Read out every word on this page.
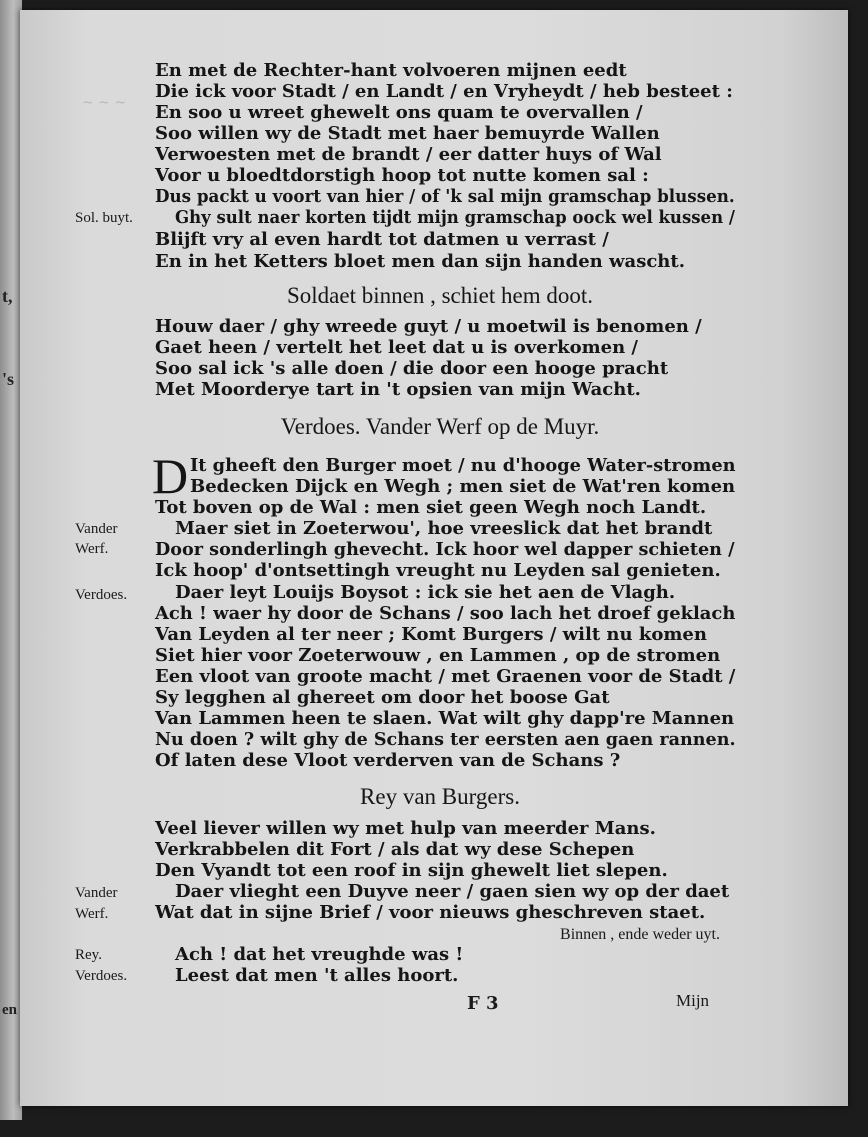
t,
's
en
~ ~ ~
En met de Rechter-hant volvoeren mijnen eedt
Die ick voor Stadt / en Landt / en Vryheydt / heb besteet :
En soo u wreet ghewelt ons quam te overvallen /
Soo willen wy de Stadt met haer bemuyrde Wallen
Verwoesten met de brandt / eer datter huys of Wal
Voor u bloedtdorstigh hoop tot nutte komen sal :
Dus packt u voort van hier / of 'k sal mijn gramschap blussen.
Sol. buyt. Ghy sult naer korten tijdt mijn gramschap oock wel kussen /
Blijft vry al even hardt tot datmen u verrast /
En in het Ketters bloet men dan sijn handen wascht.
Soldaet binnen , schiet hem doot.
Houw daer / ghy wreede guyt / u moetwil is benomen /
Gaet heen / vertelt het leet dat u is overkomen /
Soo sal ick 's alle doen / die door een hooge pracht
Met Moorderye tart in 't opsien van mijn Wacht.
Verdoes. Vander Werf op de Muyr.
D It gheeft den Burger moet / nu d'hooge Water-stromen
Bedecken Dijck en Wegh ; men siet de Wat'ren komen
Tot boven op de Wal : men siet geen Wegh noch Landt.
Vander
Werf.
Maer siet in Zoeterwou', hoe vreeslick dat het brandt
Door sonderlingh ghevecht. Ick hoor wel dapper schieten /
Ick hoop' d'ontsettingh vreught nu Leyden sal genieten.
Verdoes.	Daer leyt Louijs Boysot : ick sie het aen de Vlagh.
Ach ! waer hy door de Schans / soo lach het droef geklach
Van Leyden al ter neer ; Komt Burgers / wilt nu komen
Siet hier voor Zoeterwouw , en Lammen , op de stromen
Een vloot van groote macht / met Graenen voor de Stadt /
Sy legghen al ghereet om door het boose Gat
Van Lammen heen te slaen. Wat wilt ghy dapp're Mannen
Nu doen ? wilt ghy de Schans ter eersten aen gaen rannen.
Of laten dese Vloot verderven van de Schans ?
Rey van Burgers.
Veel liever willen wy met hulp van meerder Mans.
Verkrabbelen dit Fort / als dat wy dese Schepen
Den Vyandt tot een roof in sijn ghewelt liet slepen.
Vander
Werf.
Daer vlieght een Duyve neer / gaen sien wy op der daet
Wat dat in sijne Brief / voor nieuws gheschreven staet.
Binnen , ende weder uyt.
Rey.	Ach ! dat het vreughde was !
Verdoes.	Leest dat men 't alles hoort.
F 3	Mijn
